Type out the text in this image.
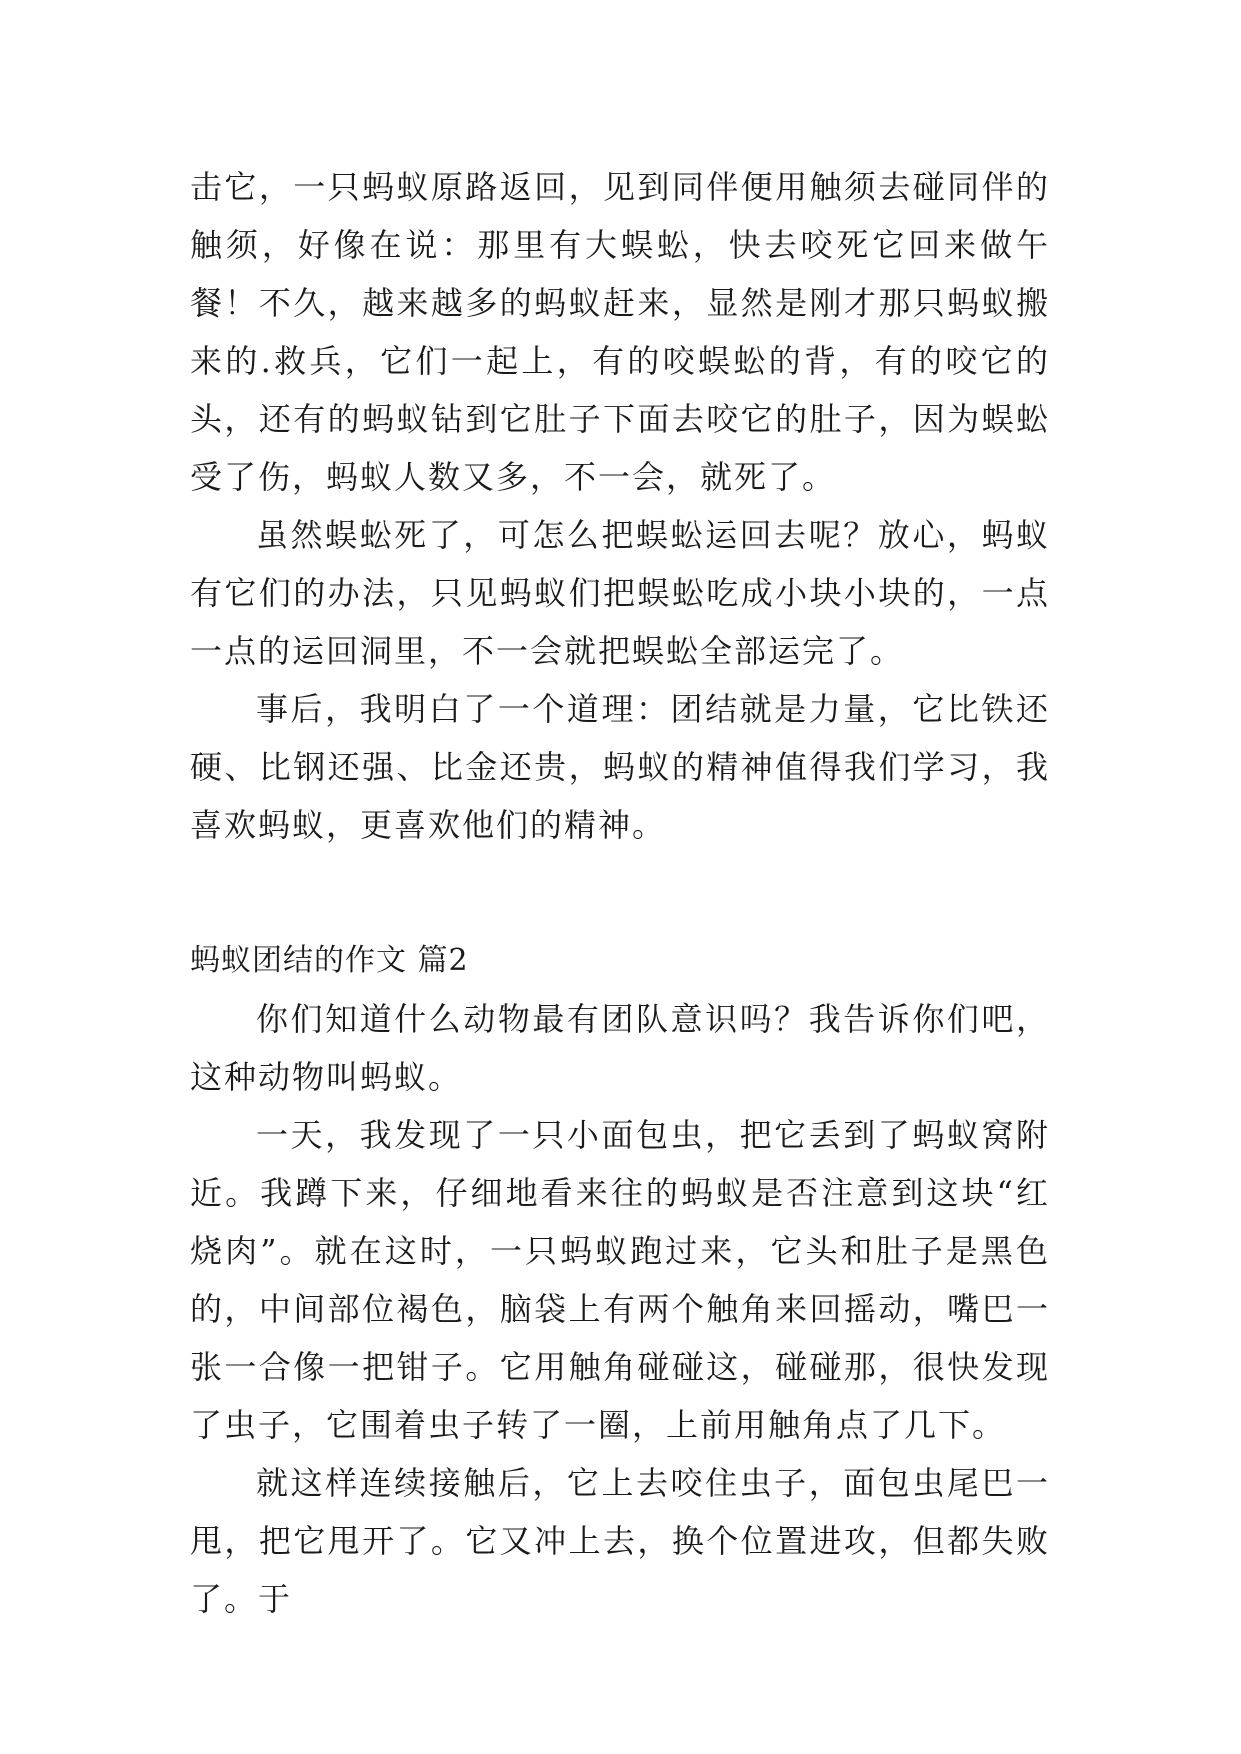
击它，一只蚂蚁原路返回，见到同伴便用触须去碰同伴的触须，好像在说：那里有大蜈蚣，快去咬死它回来做午餐！不久，越来越多的蚂蚁赶来，显然是刚才那只蚂蚁搬来的.救兵，它们一起上，有的咬蜈蚣的背，有的咬它的头，还有的蚂蚁钻到它肚子下面去咬它的肚子，因为蜈蚣受了伤，蚂蚁人数又多，不一会，就死了。

虽然蜈蚣死了，可怎么把蜈蚣运回去呢？放心，蚂蚁有它们的办法，只见蚂蚁们把蜈蚣吃成小块小块的，一点一点的运回洞里，不一会就把蜈蚣全部运完了。

事后，我明白了一个道理：团结就是力量，它比铁还硬、比钢还强、比金还贵，蚂蚁的精神值得我们学习，我喜欢蚂蚁，更喜欢他们的精神。

蚂蚁团结的作文 篇2

你们知道什么动物最有团队意识吗？我告诉你们吧，这种动物叫蚂蚁。

一天，我发现了一只小面包虫，把它丢到了蚂蚁窝附近。我蹲下来，仔细地看来往的蚂蚁是否注意到这块“红烧肉”。就在这时，一只蚂蚁跑过来，它头和肚子是黑色的，中间部位褐色，脑袋上有两个触角来回摇动，嘴巴一张一合像一把钳子。它用触角碰碰这，碰碰那，很快发现了虫子，它围着虫子转了一圈，上前用触角点了几下。

就这样连续接触后，它上去咬住虫子，面包虫尾巴一甩，把它甩开了。它又冲上去，换个位置进攻，但都失败了。于
